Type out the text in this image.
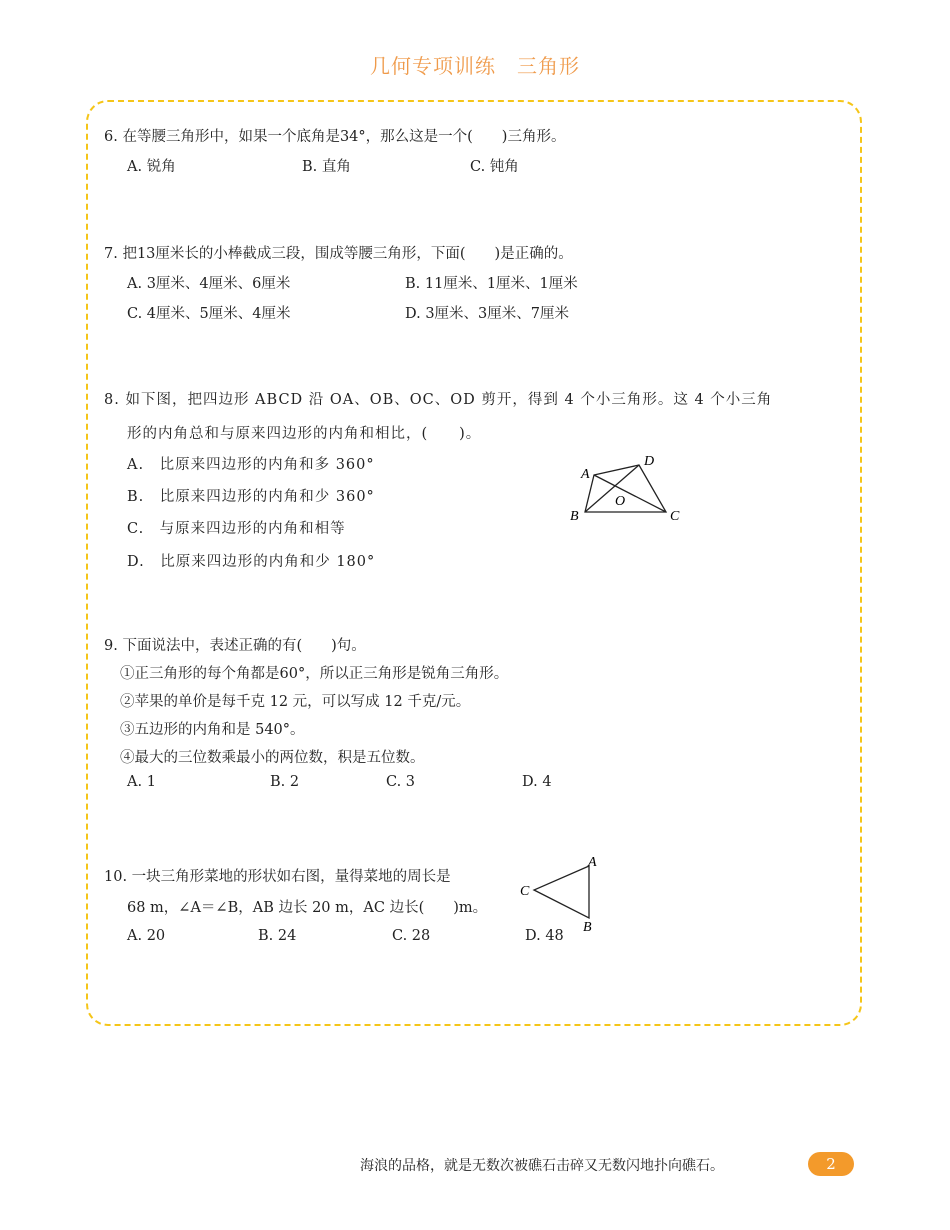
几何专项训练　三角形
6. 在等腰三角形中，如果一个底角是34°，那么这是一个(　　)三角形。
A. 锐角	B. 直角	C. 钝角
7. 把13厘米长的小棒截成三段，围成等腰三角形，下面(　　)是正确的。
A. 3厘米、4厘米、6厘米	B. 11厘米、1厘米、1厘米
C. 4厘米、5厘米、4厘米	D. 3厘米、3厘米、7厘米
8. 如下图，把四边形 ABCD 沿 OA、OB、OC、OD 剪开，得到 4 个小三角形。这 4 个小三角
形的内角总和与原来四边形的内角和相比，(　　)。
A.　比原来四边形的内角和多 360°
B.　比原来四边形的内角和少 360°
C.　与原来四边形的内角和相等
D.　比原来四边形的内角和少 180°
A
B	C
D
O
9. 下面说法中，表述正确的有(　　)句。
①正三角形的每个角都是60°，所以正三角形是锐角三角形。
②苹果的单价是每千克 12 元，可以写成 12 千克/元。
③五边形的内角和是 540°。
④最大的三位数乘最小的两位数，积是五位数。
A. 1	B. 2	C. 3	D. 4
10. 一块三角形菜地的形状如右图，量得菜地的周长是
68 m，∠A＝∠B，AB 边长 20 m，AC 边长(　　)m。
A. 20	B. 24	C. 28	D. 48
A
B
C
海浪的品格，就是无数次被礁石击碎又无数闪地扑向礁石。	2
